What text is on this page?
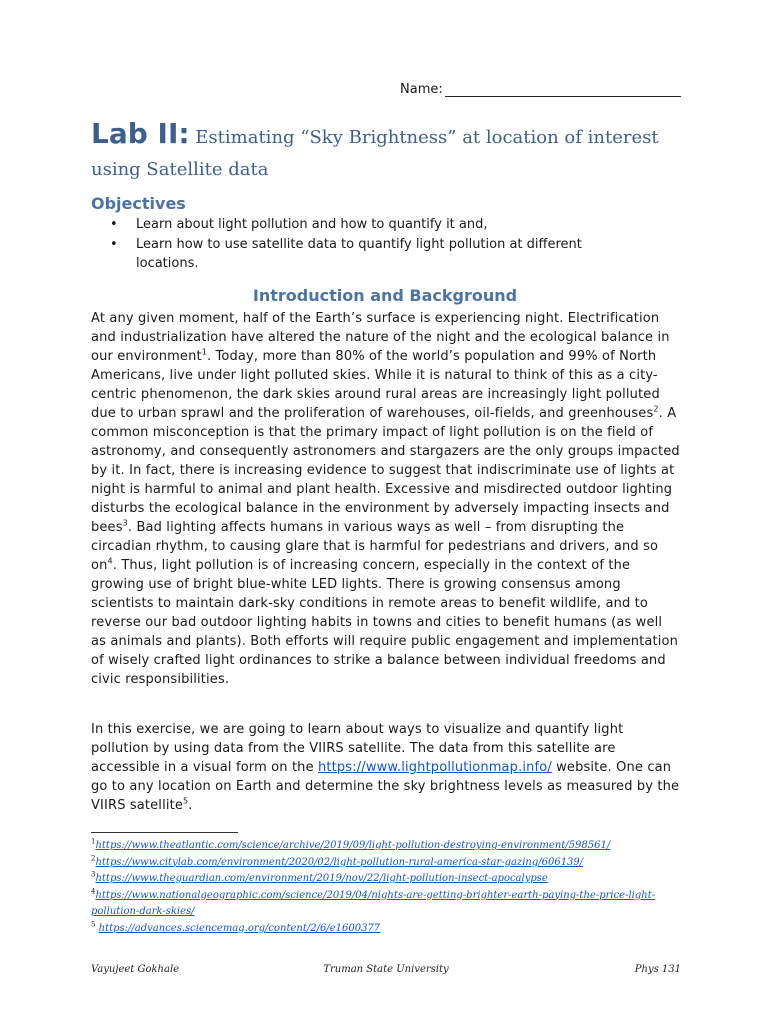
Name:
Lab II: Estimating “Sky Brightness” at location of interest using Satellite data
Objectives
• Learn about light pollution and how to quantify it and,
• Learn how to use satellite data to quantify light pollution at different locations.
Introduction and Background

At any given moment, half of the Earth’s surface is experiencing night. Electrification and industrialization have altered the nature of the night and the ecological balance in our environment$^1$. Today, more than 80% of the world’s population and 99% of North Americans, live under light polluted skies. While it is natural to think of this as a city-centric phenomenon, the dark skies around rural areas are increasingly light polluted due to urban sprawl and the proliferation of warehouses, oil-fields, and greenhouses$^2$. A common misconception is that the primary impact of light pollution is on the field of astronomy, and consequently astronomers and stargazers are the only groups impacted by it. In fact, there is increasing evidence to suggest that indiscriminate use of lights at night is harmful to animal and plant health. Excessive and misdirected outdoor lighting disturbs the ecological balance in the environment by adversely impacting insects and bees$^3$. Bad lighting affects humans in various ways as well – from disrupting the circadian rhythm, to causing glare that is harmful for pedestrians and drivers, and so $on^4$. Thus, light pollution is of increasing concern, especially in the context of the growing use of bright blue-white LED lights. There is growing consensus among scientists to maintain dark-sky conditions in remote areas to benefit wildlife, and to reverse our bad outdoor lighting habits in towns and cities to benefit humans (as well as animals and plants). Both efforts will require public engagement and implementation of wisely crafted light ordinances to strike a balance between individual freedoms and civic responsibilities.

In this exercise, we are going to learn about ways to visualize and quantify light pollution by using data from the VIIRS satellite. The data from this satellite are accessible in a visual form on the https://www.lightpollutionmap.info/ website. One can go to any location on Earth and determine the sky brightness levels as measured by the VIIRS satellite$^5$.

$^1$https://www.theatlantic.com/science/archive/2019/09/light-pollution-destroying-environment/598561/
$^2$https://www.citylab.com/environment/2020/02/light-pollution-rural-america-star-gazing/606139/
$^3$https://www.theguardian.com/environment/2019/nov/22/light-pollution-insect-apocalypse
$^4$https://www.nationalgeographic.com/science/2019/04/nights-are-getting-brighter-earth-paying-the-price-light-pollution-dark-skies/
$^5$ https://advances.sciencemag.org/content/2/6/e1600377
Vayujeet Gokhale	Truman State University	Phys 131
